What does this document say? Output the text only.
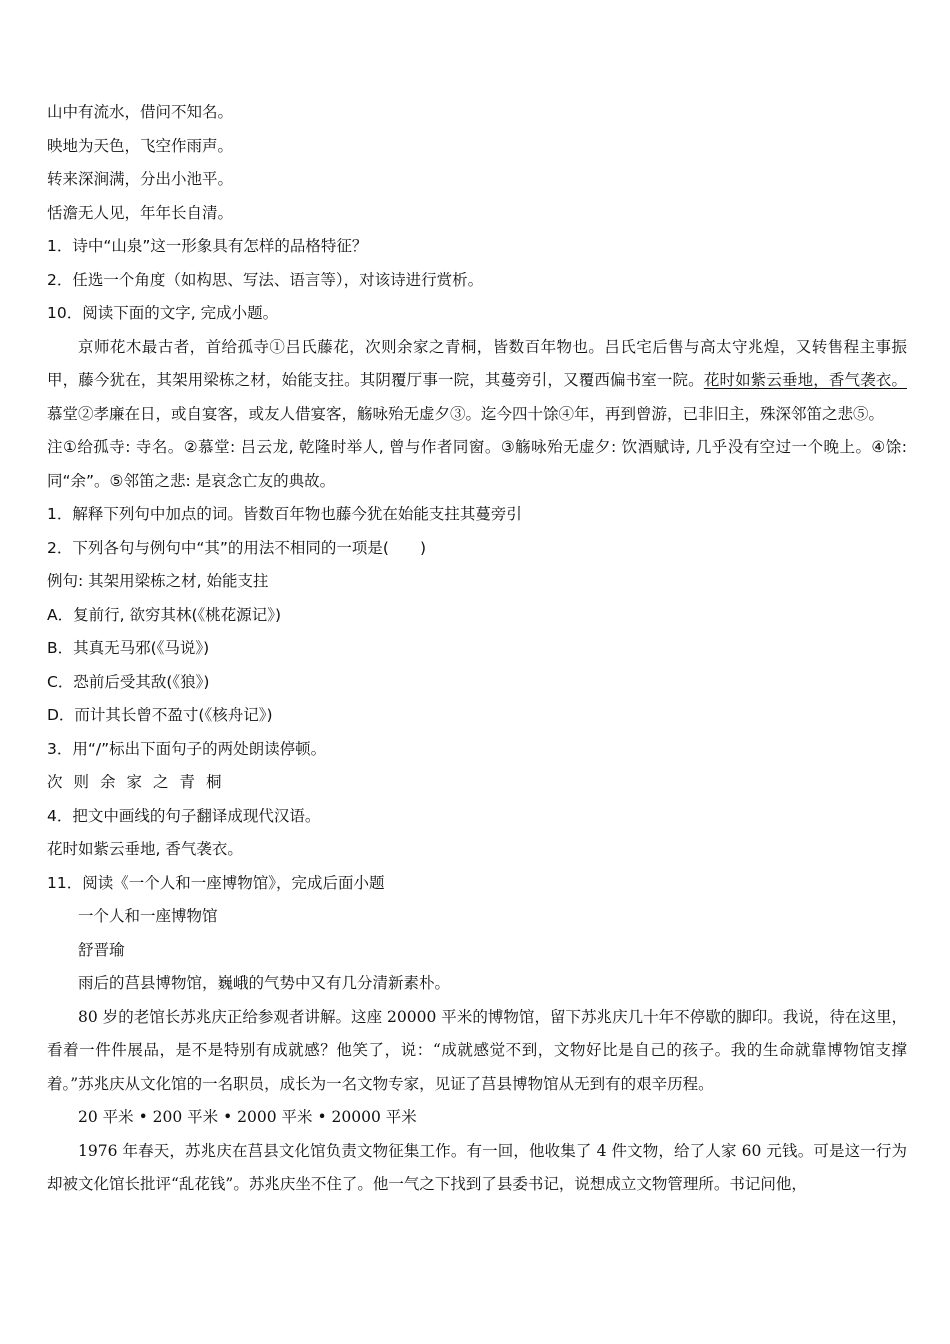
山中有流水，借问不知名。
映地为天色，飞空作雨声。
转来深涧满，分出小池平。
恬澹无人见，年年长自清。
1．诗中“山泉”这一形象具有怎样的品格特征？
2．任选一个角度（如构思、写法、语言等），对该诗进行赏析。
10．阅读下面的文字, 完成小题。
京师花木最古者，首给孤寺①吕氏藤花，次则余家之青桐，皆数百年物也。吕氏宅后售与高太守兆煌，又转售程主事振甲，藤今犹在，其架用梁栋之材，始能支拄。其阴覆厅事一院，其蔓旁引，又覆西偏书室一院。花时如紫云垂地，香气袭衣。慕堂②孝廉在日，或自宴客，或友人借宴客，觞咏殆无虚夕③。迄今四十馀④年，再到曾游，已非旧主，殊深邻笛之悲⑤。
注①给孤寺: 寺名。②慕堂: 吕云龙, 乾隆时举人, 曾与作者同窗。③觞咏殆无虚夕: 饮酒赋诗, 几乎没有空过一个晚上。④馀: 同“余”。⑤邻笛之悲: 是哀念亡友的典故。
1．解释下列句中加点的词。皆数百年物也藤今犹在始能支拄其蔓旁引
2．下列各句与例句中“其”的用法不相同的一项是(　　)
例句: 其架用梁栋之材, 始能支拄
A．复前行, 欲穷其林(《桃花源记》)
B．其真无马邪(《马说》)
C．恐前后受其敌(《狼》)
D．而计其长曾不盈寸(《核舟记》)
3．用“/”标出下面句子的两处朗读停顿。
次则余家之青桐
4．把文中画线的句子翻译成现代汉语。
花时如紫云垂地, 香气袭衣。
11．阅读《一个人和一座博物馆》，完成后面小题
一个人和一座博物馆
舒晋瑜
雨后的莒县博物馆，巍峨的气势中又有几分清新素朴。
80 岁的老馆长苏兆庆正给参观者讲解。这座 20000 平米的博物馆，留下苏兆庆几十年不停歇的脚印。我说，待在这里，看着一件件展品，是不是特别有成就感？他笑了，说：“成就感觉不到，文物好比是自己的孩子。我的生命就靠博物馆支撑着。”苏兆庆从文化馆的一名职员，成长为一名文物专家，见证了莒县博物馆从无到有的艰辛历程。
20 平米 • 200 平米 • 2000 平米 • 20000 平米
1976 年春天，苏兆庆在莒县文化馆负责文物征集工作。有一回，他收集了 4 件文物，给了人家 60 元钱。可是这一行为却被文化馆长批评“乱花钱”。苏兆庆坐不住了。他一气之下找到了县委书记，说想成立文物管理所。书记问他，
